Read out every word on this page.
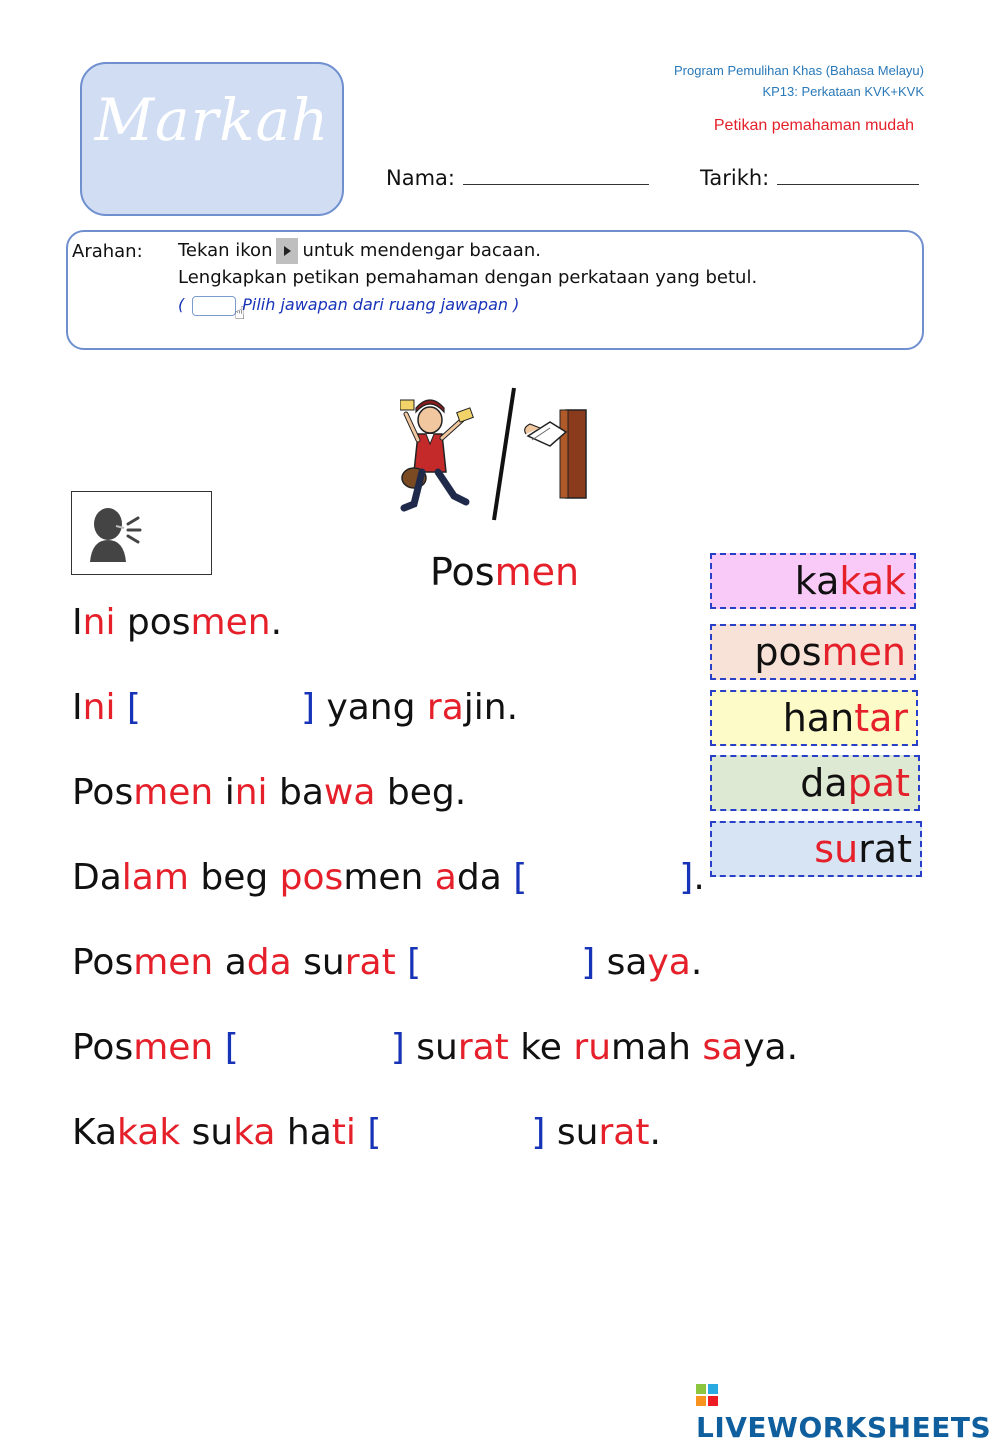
Markah
Program Pemulihan Khas (Bahasa Melayu)
KP13: Perkataan KVK+KVK
Petikan pemahaman mudah
Nama:	Tarikh:
Arahan: Tekan ikon untuk mendengar bacaan.
Lengkapkan petikan pemahaman dengan perkataan yang betul.
(	☝
Pilih jawapan dari ruang jawapan )
Posmen
Ini posmen.
Ini [	] yang rajin.
Posmen ini bawa beg.
Dalam beg posmen ada [	].
Posmen ada surat [	] saya.
Posmen [	] surat ke rumah saya.
Kakak suka hati [	] surat.
kakak
posmen
hantar
dapat
surat
LIVEWORKSHEETS
